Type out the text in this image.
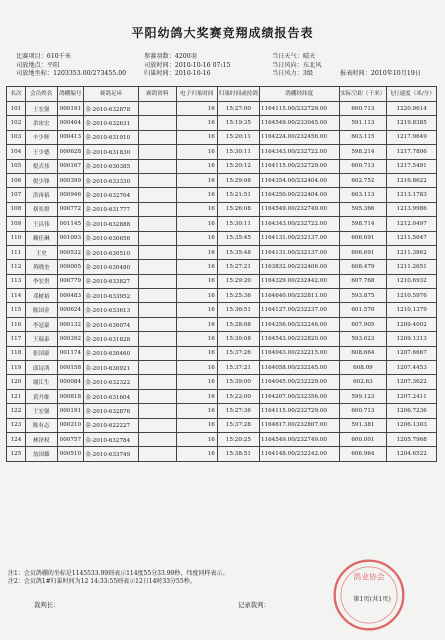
平阳幼鸽大奖赛竞翔成绩报告表
比赛项目：610千米
司放地点：平阳
司放地坐标：1203353.00/273455.00
参赛羽数：4200羽
司放时间：2010-10-16 07:15
归巢时间：2010-10-16
当日天气：晴天
当日风向：东北风
当日风力：3级	报表时间：2010年10月19日
名次	会员姓名	鸽棚编号	赛鸽足环	赛鸽资料	电子归巢时间	归巢时间或持鸽	鸽棚经纬度	实际空距（千米）	飞行速度（米/分）
101	王宏强	000191	金-2010-632878		16	15:27:00	1164115.00/232729.00	600.713	1220.9614
102	余冰宏	000464	金-2010-632631		16	15:19:35	1164549.00/233045.00	591.113	1219.8385
103	辛少辉	000413	金-2010-631910		16	15:20:11	1164224.00/232456.00	603.115	1217.9649
104	王少德	000628	金-2010-631830		16	15:30:11	1164343.00/232722.00	598.214	1217.7806
105	倪式伟	000167	金-2010-630385		16	15:20:12	1164115.00/232729.00	600.713	1217.5491
106	倪少锋	000399	金-2010-633330		16	15:29:08	1164354.00/232404.00	602.752	1216.8622
107	洪再裕	000946	金-2010-632704		16	15:21:51	1164250.00/232404.00	603.113	1213.1783
108	蔡奕群	000772	金-2010-631777		16	15:26:08	1164549.00/232749.00	595.366	1213.9986
109	王昌伟	001145	金-2010-632888		16	15:30:11	1164343.00/232722.00	598.714	1212.0497
110	赖佳琳	001093	金-2010-630656		16	15:35:45	1164131.00/232137.00	606.691	1211.5647
111	王史	000532	金-2010-630510		16	15:35:48	1164131.00/232137.00	606.691	1211.3862
112	苒晓奎	000005	金-2010-630480		16	15:27:21	1163832.00/232406.00	608.479	1211.2651
113	李宏贵	000779	金-2010-633827		16	15:29:20	1164329.00/232442.00	607.768	1210.6932
114	邓树裕	000483	金-2010-633952		16	15:25:36	1164640.00/232811.00	593.875	1210.5976
115	陈国金	000624	金-2010-633613		16	15:36:51	1164127.00/232237.00	601.570	1210.1379
116	李冠豪	000132	金-2010-630074		16	15:28:08	1164256.00/232246.00	607.905	1209.4002
117	王瑞泰	000392	金-2010-631828		16	15:30:08	1164543.00/232820.00	593.623	1209.1313
118	张国豪	001174	金-2010-630460		16	15:37:26	1164043.00/232215.00	608.664	1207.6667
119	邱诗鸿	000158	金-2010-630921		16	15:37:21	1164058.00/232245.00	608.09	1207.4453
120	谢江生	000084	金-2010-632322		16	15:39:00	1164045.00/232229.00	602.63	1207.3622
121	黄升维	000818	金-2010-631604		16	15:22:00	1164207.00/232356.00	599.123	1207.2411
122	王宏强	000191	金-2010-632876		16	15:27:36	1164115.00/232729.00	600.713	1206.7236
123	陈有志	000210	金-2010-622227		16	15:37:28	1164617.00/232807.00	591.381	1206.1303
124	林泽权	000757	金-2010-632784		16	15:20:25	1164549.00/232749.00	600.001	1205.7968
125	翁国雄	000510	金-2010-633749		16	15:38:51	1164148.00/232242.00	606.964	1204.6522
注1：会员鸽棚的坐标是1145533.99则表示114度55分33.99秒，纬度同样表示。
注2：会员鸽1#归巢时间为12 14:33:55则表示12日14时33分55秒。
裁判长：	记录裁判：
鸽业协会
第1页(共1页)
